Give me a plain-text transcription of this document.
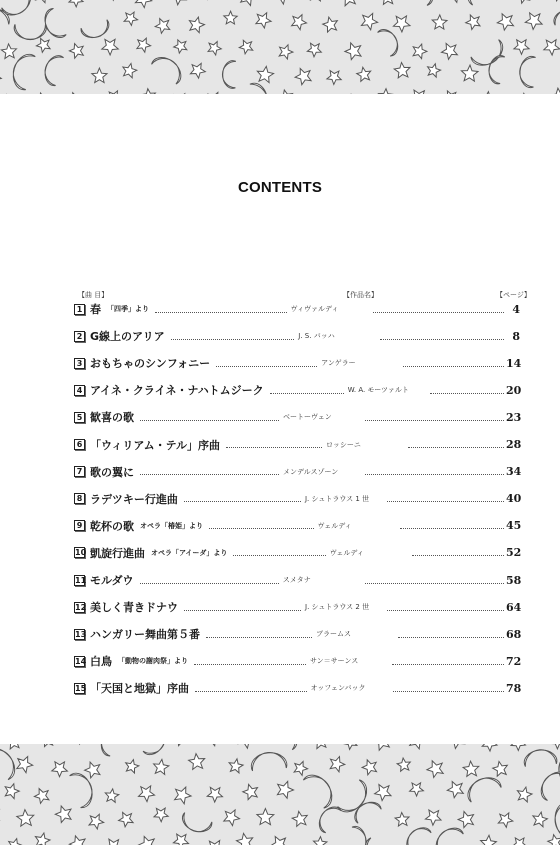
CONTENTS
【曲 目】	【作品名】	【ページ】
1 春 「四季」より	ヴィヴァルディ	4
2 G線上のアリア	J. S. バッハ	8
3 おもちゃのシンフォニー	アンゲラー	14
4 アイネ・クライネ・ナハトムジーク	W. A. モーツァルト	20
5 歓喜の歌	ベートーヴェン	23
6 「ウィリアム・テル」序曲	ロッシーニ	28
7 歌の翼に	メンデルスゾーン	34
8 ラデツキー行進曲	J. シュトラウス 1 世	40
9 乾杯の歌 オペラ「椿姫」より	ヴェルディ	45
10 凱旋行進曲 オペラ「アイーダ」より	ヴェルディ	52
11 モルダウ	スメタナ	58
12 美しく青きドナウ	J. シュトラウス 2 世	64
13 ハンガリー舞曲第５番	ブラームス	68
14 白鳥 「動物の謝肉祭」より	サン＝サーンス	72
15 「天国と地獄」序曲	オッフェンバック	78
